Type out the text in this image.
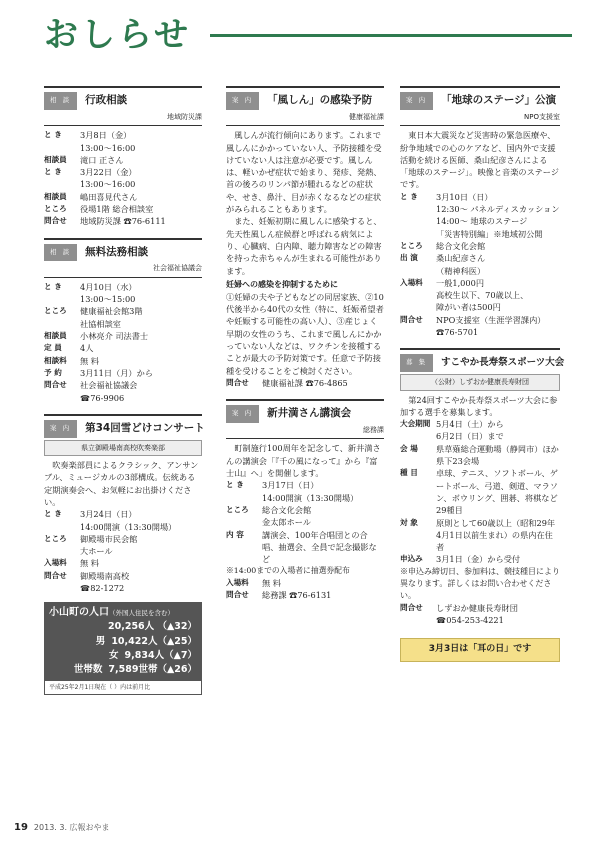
おしらせ
相 談	行政相談
地域防災課
と き	3月8日（金）
13:00～16:00
相談員	滝口 正さん
と き	3月22日（金）
13:00～16:00
相談員	嶋田喜見代さん
ところ	役場1階 総合相談室
問合せ	地域防災課 ☎76-6111
相 談	無料法務相談
社会福祉協議会
と き	4月10日（水）
13:00～15:00
ところ	健康福祉会館3階
社協相談室
相談員	小林亮介 司法書士
定 員	4人
相談料	無 料
予 約	3月11日（月）から
問合せ	社会福祉協議会
☎76-9906
案 内	第34回雪どけコンサート
県立御殿場南高校吹奏楽部

吹奏楽部員によるクラシック、アンサンブル、ミュージカルの3部構成。伝統ある定期演奏会へ、お気軽にお出掛けください。

と き	3月24日（日）
14:00開演（13:30開場）
ところ	御殿場市民会館
大ホール
入場料	無 料
問合せ	御殿場南高校
☎82-1272
小山町の人口（外国人住民を含む）
20,256人 （▲32）
男 10,422人（▲25）
女 9,834人（▲7）
世帯数 7,589世帯（▲26）
平成25年2月1日現在（ ）内は前月比
案 内	「風しん」の感染予防
健康福祉課

風しんが流行傾向にあります。これまで風しんにかかっていない人、予防接種を受けていない人は注意が必要です。風しんは、軽いかぜ症状で始まり、発疹、発熱、首の後ろのリンパ節が腫れるなどの症状や、せき、鼻汁、目が赤くなるなどの症状がみられることもあります。

また、妊娠初期に風しんに感染すると、先天性風しん症候群と呼ばれる病気により、心臓病、白内障、聴力障害などの障害を持った赤ちゃんが生まれる可能性があります。

妊婦への感染を抑制するために

①妊婦の夫や子どもなどの同居家族、②10代後半から40代の女性（特に、妊娠希望者や妊娠する可能性の高い人）、③産じょく早期の女性のうち、これまで風しんにかかっていない人などは、ワクチンを接種することが最大の予防対策です。任意で予防接種を受けることをご検討ください。

問合せ	健康福祉課 ☎76-4865
案 内	新井満さん講演会
総務課

町制施行100周年を記念して、新井満さんの講演会「『千の風になって』から『富士山』へ」を開催します。

と き	3月17日（日）
14:00開演（13:30開場）
ところ	総合文化会館
金太郎ホール
内 容	講演会、100年合唱団との合唱、抽選会、全員で記念撮影など
※14:00までの入場者に抽選券配布
入場料	無 料
問合せ	総務課 ☎76-6131
案 内	「地球のステージ」公演
NPO支援室

東日本大震災など災害時の緊急医療や、紛争地域での心のケアなど、国内外で支援活動を続ける医師、桑山紀彦さんによる「地球のステージ」。映像と音楽のステージです。

と き	3月10日（日）
12:30～ パネルディスカッション
14:00～ 地球のステージ
「災害特別編」※地域初公開
ところ	総合文化会館
出 演	桑山紀彦さん
（精神科医）
入場料	一般1,000円
高校生以下、70歳以上、
障がい者は500円
問合せ	NPO支援室（生涯学習課内）☎76-5701
募 集	すこやか長寿祭スポーツ大会
（公財）しずおか健康長寿財団

第24回すこやか長寿祭スポーツ大会に参加する選手を募集します。

大会期間 5月4日（土）から
6月2日（日）まで
会 場	県草薙総合運動場（静岡市）ほか県下23会場
種 目	卓球、テニス、ソフトボール、ゲートボール、弓道、剣道、マラソン、ボウリング、囲碁、将棋など29種目
対 象	原則として60歳以上（昭和29年4月1日以前生まれ）の県内在住者
申込み	3月1日（金）から受付
※申込み締切日、参加料は、競技種目により異なります。詳しくはお問い合わせください。
問合せ	しずおか健康長寿財団
☎054-253-4221
3月3日は「耳の日」です
19 2013. 3. 広報おやま
